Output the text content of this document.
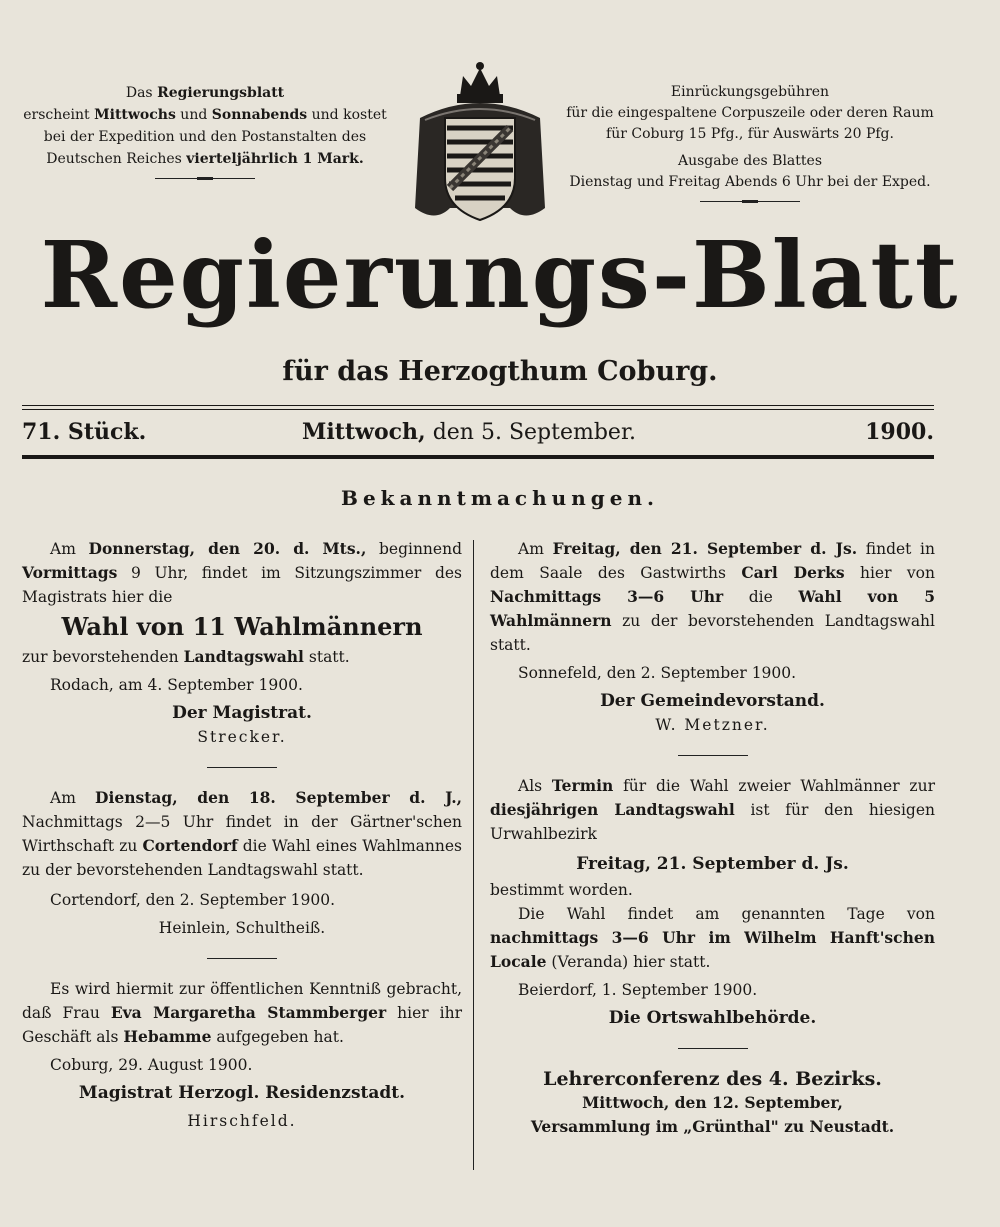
Das Regierungsblatt
erscheint Mittwochs und Sonnabends und kostet
bei der Expedition und den Postanstalten des
Deutschen Reiches vierteljährlich 1 Mark.
Einrückungsgebühren
für die eingespaltene Corpuszeile oder deren Raum
für Coburg 15 Pfg., für Auswärts 20 Pfg.
Ausgabe des Blattes
Dienstag und Freitag Abends 6 Uhr bei der Exped.
Regierungs-Blatt
für das Herzogthum Coburg.
71. Stück.	Mittwoch, den 5. September.	1900.
Bekanntmachungen.

Am Donnerstag, den 20. d. Mts., beginnend Vormittags 9 Uhr, findet im Sitzungszimmer des Magistrats hier die

Wahl von 11 Wahlmännern

zur bevorstehenden Landtagswahl statt.

Rodach, am 4. September 1900.

Der Magistrat.

Strecker.

Am Dienstag, den 18. September d. J., Nachmittags 2—5 Uhr findet in der Gärtner'schen Wirthschaft zu Cortendorf die Wahl eines Wahlmannes zu der bevorstehenden Landtagswahl statt.

Cortendorf, den 2. September 1900.

Heinlein, Schultheiß.

Es wird hiermit zur öffentlichen Kenntniß gebracht, daß Frau Eva Margaretha Stammberger hier ihr Geschäft als Hebamme aufgegeben hat.

Coburg, 29. August 1900.

Magistrat Herzogl. Residenzstadt.

Hirschfeld.

Am Freitag, den 21. September d. Js. findet in dem Saale des Gastwirths Carl Derks hier von Nachmittags 3—6 Uhr die Wahl von 5 Wahlmännern zu der bevorstehenden Landtagswahl statt.

Sonnefeld, den 2. September 1900.

Der Gemeindevorstand.

W. Metzner.

Als Termin für die Wahl zweier Wahlmänner zur diesjährigen Landtagswahl ist für den hiesigen Urwahlbezirk

Freitag, 21. September d. Js.

bestimmt worden.

Die Wahl findet am genannten Tage von nachmittags 3—6 Uhr im Wilhelm Hanft'schen Locale (Veranda) hier statt.

Beierdorf, 1. September 1900.

Die Ortswahlbehörde.

Lehrerconferenz des 4. Bezirks.

Mittwoch, den 12. September,

Versammlung im „Grünthal" zu Neustadt.
